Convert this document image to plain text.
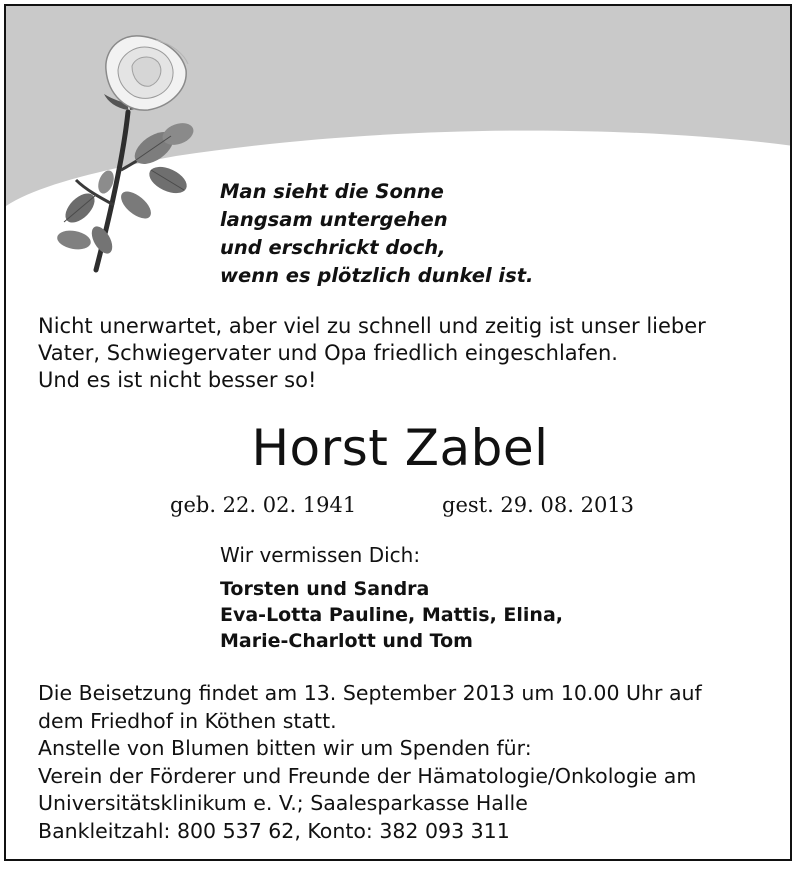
Man sieht die Sonne
langsam untergehen
und erschrickt doch,
wenn es plötzlich dunkel ist.
Nicht unerwartet, aber viel zu schnell und zeitig ist unser lieber
Vater, Schwiegervater und Opa friedlich eingeschlafen.
Und es ist nicht besser so!
Horst Zabel
geb. 22. 02. 1941	gest. 29. 08. 2013
Wir vermissen Dich:
Torsten und Sandra
Eva-Lotta Pauline, Mattis, Elina,
Marie-Charlott und Tom
Die Beisetzung findet am 13. September 2013 um 10.00 Uhr auf
dem Friedhof in Köthen statt.
Anstelle von Blumen bitten wir um Spenden für:
Verein der Förderer und Freunde der Hämatologie/Onkologie am
Universitätsklinikum e. V.; Saalesparkasse Halle
Bankleitzahl: 800 537 62, Konto: 382 093 311
